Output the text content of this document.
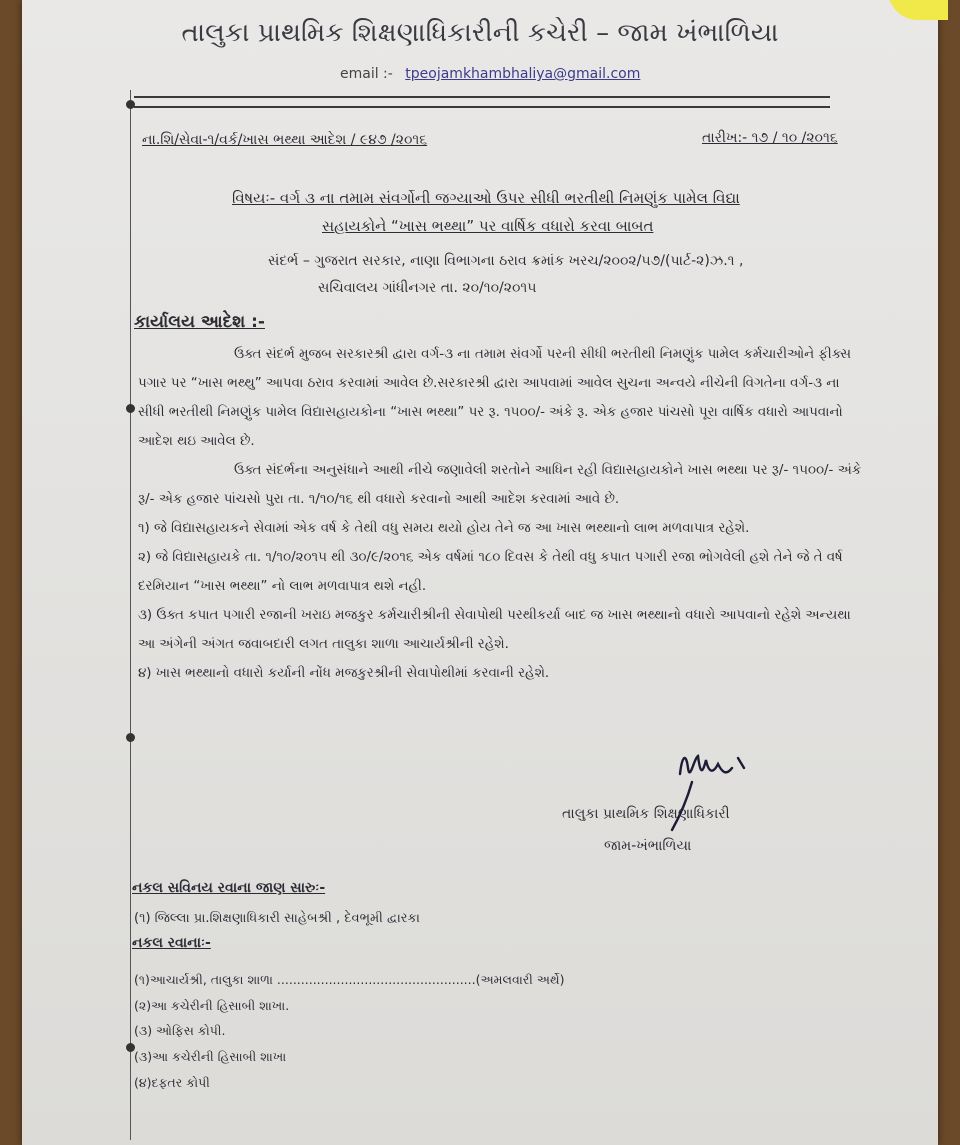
તાલુકા પ્રાથમિક શિક્ષણાધિકારીની કચેરી – જામ ખંભાળિયા
email :- tpeojamkhambhaliya@gmail.com
ના.શિ/સેવા-૧/વર્ક/ખાસ ભથ્થા આદેશ / ૯૪૭ /૨૦૧૬	તારીખ:- ૧૭ / ૧૦ /૨૦૧૬
વિષયઃ- વર્ગ ૩ ના તમામ સંવર્ગોની જગ્યાઓ ઉપર સીધી ભરતીથી નિમણુંક પામેલ વિદ્યા
સહાયકોને “ખાસ ભથ્થા” પર વાર્ષિક વધારો કરવા બાબત
સંદર્ભ – ગુજરાત સરકાર, નાણા વિભાગના ઠરાવ ક્રમાંક ખરચ/૨૦૦૨/૫૭/(પાર્ટ-૨)ઝ.૧ ,
સચિવાલય ગાંધીનગર તા. ૨૦/૧૦/૨૦૧૫
કાર્યાલય આદેશ :-

ઉક્ત સંદર્ભ મુજબ સરકારશ્રી દ્વારા વર્ગ-૩ ના તમામ સંવર્ગો પરની સીધી ભરતીથી નિમણુંક પામેલ કર્મચારીઓને ફીક્સ પગાર પર “ખાસ ભથ્થુ” આપવા ઠરાવ કરવામાં આવેલ છે.સરકારશ્રી દ્વારા આપવામાં આવેલ સુચના અન્વયે નીચેની વિગતેના વર્ગ-૩ ના સીધી ભરતીથી નિમણુંક પામેલ વિદ્યાસહાયકોના “ખાસ ભથ્થા” પર રૂ. ૧૫૦૦/- અંકે રૂ. એક હજાર પાંચસો પૂરા વાર્ષિક વધારો આપવાનો આદેશ થઇ આવેલ છે.

ઉક્ત સંદર્ભના અનુસંધાને આથી નીચે જણાવેલી શરતોને આધિન રહી વિદ્યાસહાયકોને ખાસ ભથ્થા પર રૂ/- ૧૫૦૦/- અંકે રૂ/- એક હજાર પાંચસો પુરા તા. ૧/૧૦/૧૬ થી વધારો કરવાનો આથી આદેશ કરવામાં આવે છે.

૧) જે વિદ્યાસહાયકને સેવામાં એક વર્ષ કે તેથી વધુ સમય થયો હોય તેને જ આ ખાસ ભથ્થાનો લાભ મળવાપાત્ર રહેશે.

૨) જે વિદ્યાસહાયકે તા. ૧/૧૦/૨૦૧૫ થી ૩૦/૯/૨૦૧૬ એક વર્ષમાં ૧૮૦ દિવસ કે તેથી વધુ કપાત પગારી રજા ભોગવેલી હશે તેને જે તે વર્ષ દરમિયાન “ખાસ ભથ્થા” નો લાભ મળવાપાત્ર થશે નહી.

૩) ઉક્ત કપાત પગારી રજાની ખરાઇ મજકુર કર્મચારીશ્રીની સેવાપોથી પરથીકર્યા બાદ જ ખાસ ભથ્થાનો વધારો આપવાનો રહેશે અન્યથા આ અંગેની અંગત જવાબદારી લગત તાલુકા શાળા આચાર્યશ્રીની રહેશે.

૪) ખાસ ભથ્થાનો વધારો કર્યાની નોંધ મજકુરશ્રીની સેવાપોથીમાં કરવાની રહેશે.

તાલુકા પ્રાથમિક શિક્ષણાધિકારી
જામ-ખંભાળિયા
નકલ સવિનય રવાના જાણ સારુઃ-
(૧) જિલ્લા પ્રા.શિક્ષણાધિકારી સાહેબશ્રી , દેવભૂમી દ્વારકા
નકલ રવાનાઃ-
(૧)આચાર્યશ્રી, તાલુકા શાળા ..................................................(અમલવારી અર્થે)
(૨)આ કચેરીની હિસાબી શાખા.
(૩) ઓફિસ કોપી.
(૩)આ કચેરીની હિસાબી શાખા
(૪)દફતર કોપી
